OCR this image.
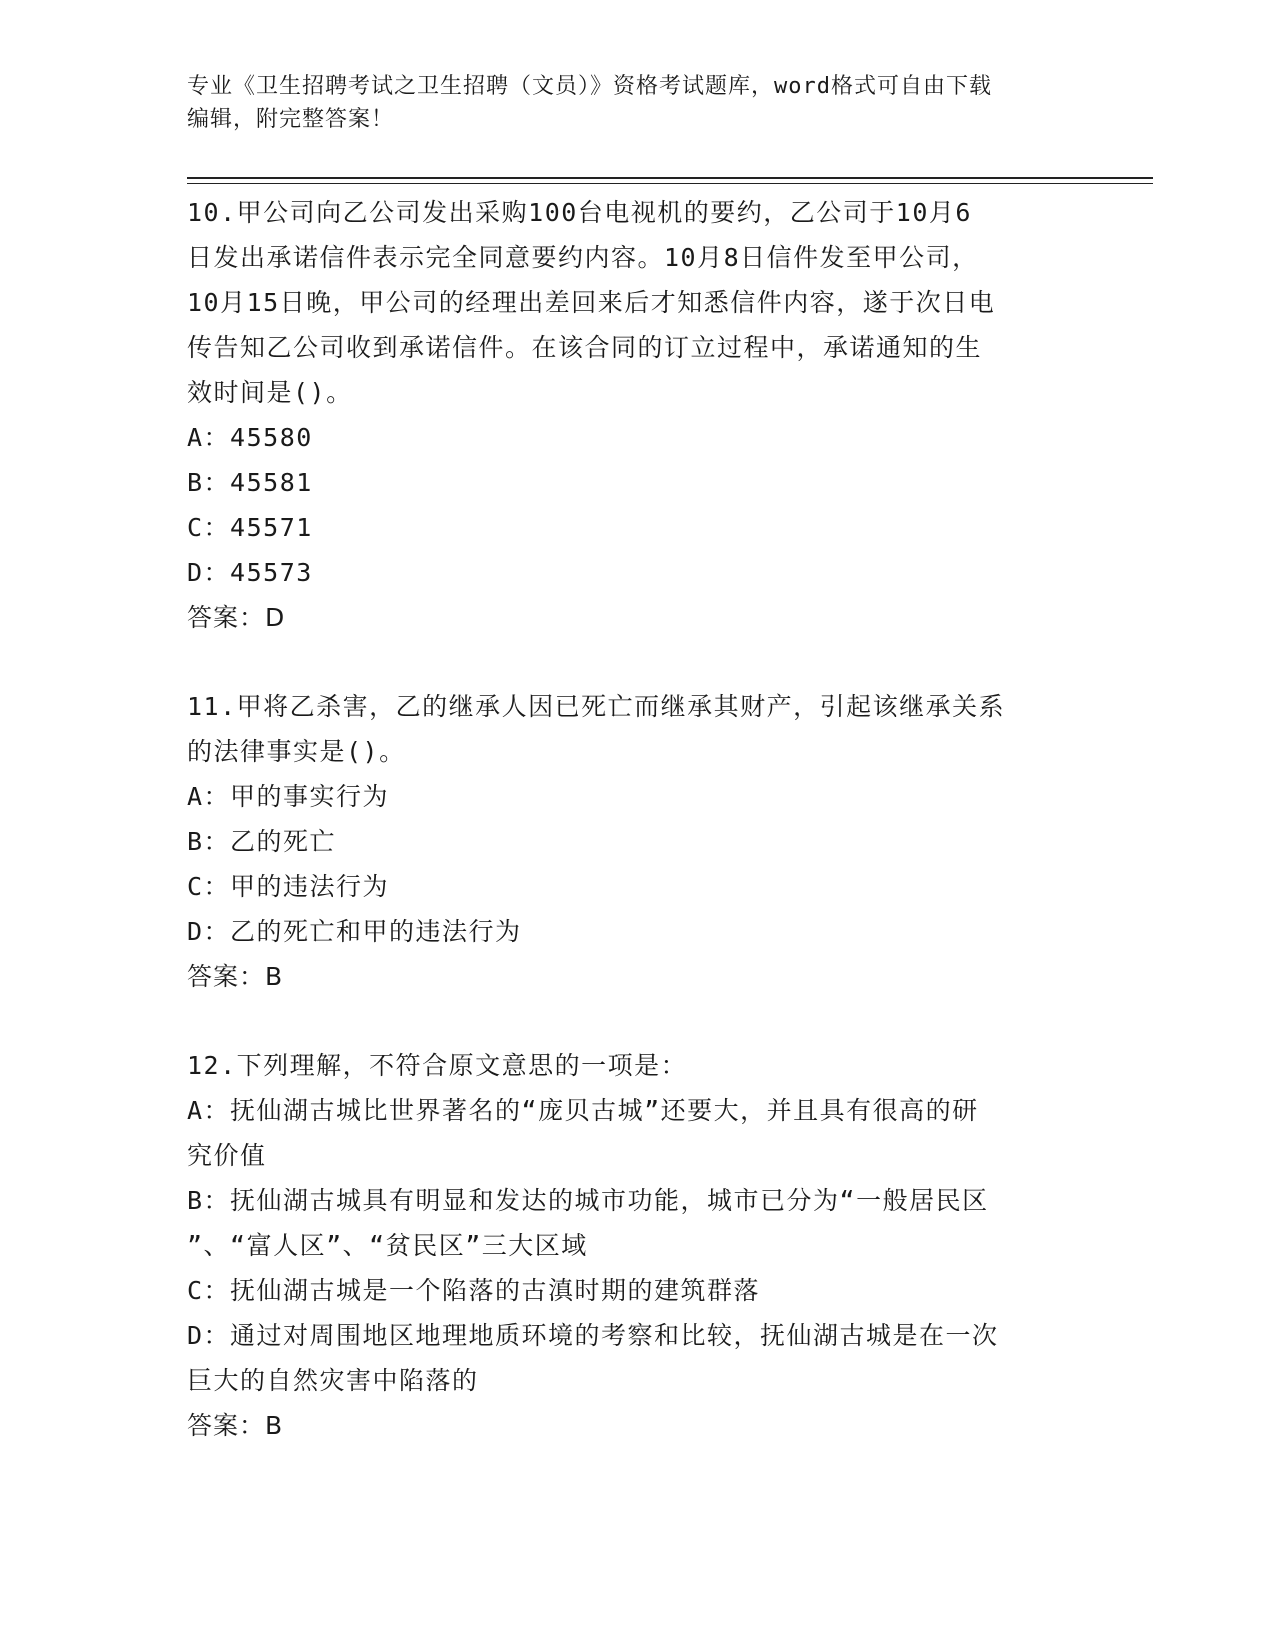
专业《卫生招聘考试之卫生招聘（文员）》资格考试题库，word格式可自由下载
编辑，附完整答案！
10.甲公司向乙公司发出采购100台电视机的要约，乙公司于10月6
日发出承诺信件表示完全同意要约内容。10月8日信件发至甲公司，
10月15日晚，甲公司的经理出差回来后才知悉信件内容，遂于次日电
传告知乙公司收到承诺信件。在该合同的订立过程中，承诺通知的生
效时间是()。
A：45580
B：45581
C：45571
D：45573
答案：D
11.甲将乙杀害，乙的继承人因已死亡而继承其财产，引起该继承关系
的法律事实是()。
A：甲的事实行为
B：乙的死亡
C：甲的违法行为
D：乙的死亡和甲的违法行为
答案：B
12.下列理解，不符合原文意思的一项是：
A：抚仙湖古城比世界著名的“庞贝古城”还要大，并且具有很高的研
究价值
B：抚仙湖古城具有明显和发达的城市功能，城市已分为“一般居民区
”、“富人区”、“贫民区”三大区域
C：抚仙湖古城是一个陷落的古滇时期的建筑群落
D：通过对周围地区地理地质环境的考察和比较，抚仙湖古城是在一次
巨大的自然灾害中陷落的
答案：B
